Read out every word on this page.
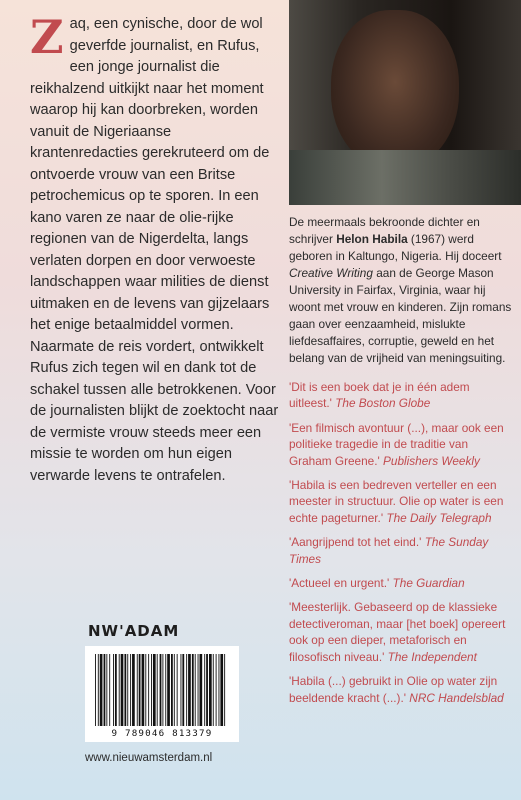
Zaq, een cynische, door de wol geverfde journalist, en Rufus, een jonge journalist die reikhalzend uitkijkt naar het moment waarop hij kan doorbreken, worden vanuit de Nigeriaanse krantenredacties gerekruteerd om de ontvoerde vrouw van een Britse petrochemicus op te sporen. In een kano varen ze naar de olie-rijke regionen van de Nigerdelta, langs verlaten dorpen en door verwoeste landschappen waar milities de dienst uitmaken en de levens van gijzelaars het enige betaalmiddel vormen. Naarmate de reis vordert, ontwikkelt Rufus zich tegen wil en dank tot de schakel tussen alle betrokkenen. Voor de journalisten blijkt de zoektocht naar de vermiste vrouw steeds meer een missie te worden om hun eigen verwarde levens te ontrafelen.

De meermaals bekroonde dichter en schrijver Helon Habila (1967) werd geboren in Kaltungo, Nigeria. Hij doceert Creative Writing aan de George Mason University in Fairfax, Virginia, waar hij woont met vrouw en kinderen. Zijn romans gaan over eenzaamheid, mislukte liefdesaffaires, corruptie, geweld en het belang van de vrijheid van meningsuiting.

'Dit is een boek dat je in één adem uitleest.' The Boston Globe

'Een filmisch avontuur (...), maar ook een politieke tragedie in de traditie van Graham Greene.' Publishers Weekly

'Habila is een bedreven verteller en een meester in structuur. Olie op water is een echte pageturner.' The Daily Telegraph

'Aangrijpend tot het eind.' The Sunday Times

'Actueel en urgent.' The Guardian

'Meesterlijk. Gebaseerd op de klassieke detectiveroman, maar [het boek] opereert ook op een dieper, metaforisch en filosofisch niveau.' The Independent

'Habila (...) gebruikt in Olie op water zijn beeldende kracht (...).' NRC Handelsblad

NW'ADAM
9 789046 813379
www.nieuwamsterdam.nl
